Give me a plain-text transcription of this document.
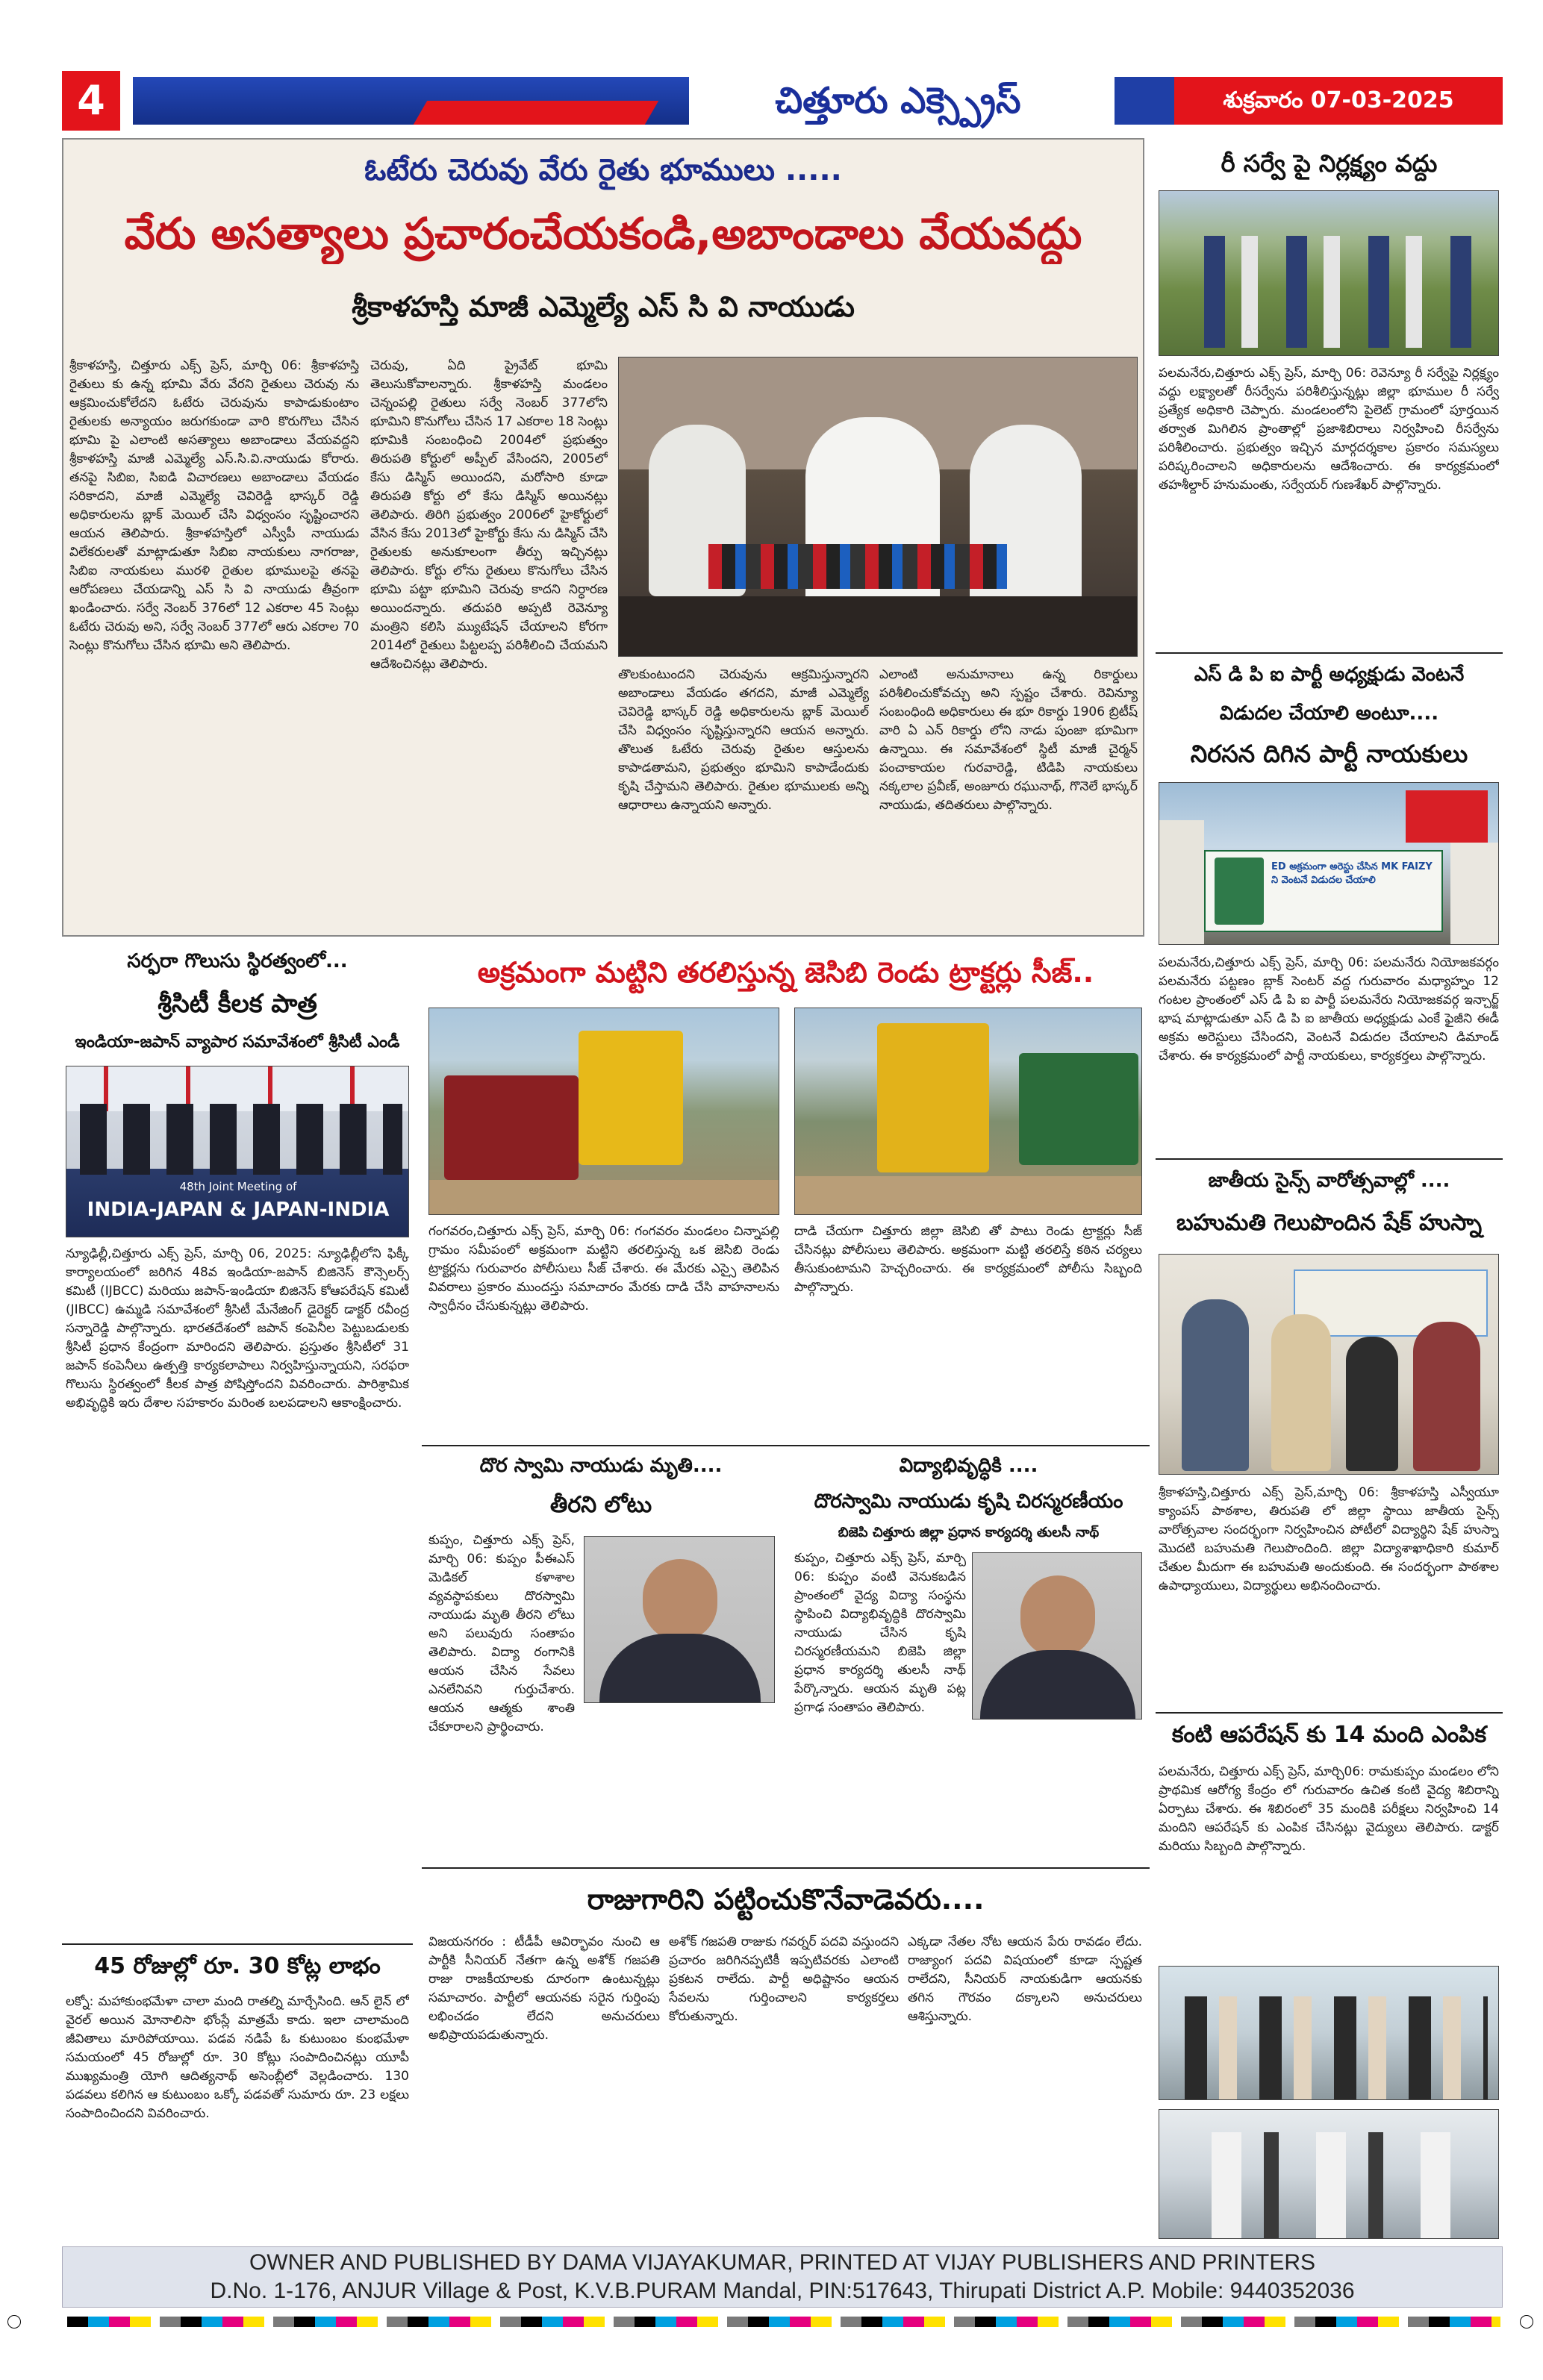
4	చిత్తూరు ఎక్స్ప్రెస్	శుక్రవారం 07-03-2025
ఓటేరు చెరువు వేరు రైతు భూములు .....
వేరు అసత్యాలు ప్రచారంచేయకండి,అబాండాలు వేయవద్దు
శ్రీకాళహస్తి మాజీ ఎమ్మెల్యే ఎస్ సి వి నాయుడు
శ్రీకాళహస్తి, చిత్తూరు ఎక్స్ ప్రెస్, మార్చి 06: శ్రీకాళహస్తి రైతులు కు ఉన్న భూమి వేరు వేరని రైతులు చెరువు ను ఆక్రమించుకోలేదని ఓటేరు చెరువును కాపాడుకుంటాం రైతులకు అన్యాయం జరుగకుండా వారి కొరుగొలు చేసిన భూమి పై ఎలాంటి అసత్యాలు అబాండాలు వేయవద్దని శ్రీకాళహస్తి మాజీ ఎమ్మెల్యే ఎస్.సి.వి.నాయుడు కోరారు. తనపై సిబిఐ, సిఐడి విచారణలు అబాండాలు వేయడం సరికాదని, మాజీ ఎమ్మెల్యే చెవిరెడ్డి భాస్కర్ రెడ్డి అధికారులను బ్లాక్ మెయిల్ చేసి విధ్వంసం సృష్టించారని ఆయన తెలిపారు. శ్రీకాళహస్తిలో ఎస్వీపీ నాయుడు విలేకరులతో మాట్లాడుతూ సిబిఐ నాయకులు నాగరాజు, సిబిఐ నాయకులు మురళి రైతుల భూములపై తనపై ఆరోపణలు చేయడాన్ని ఎస్ సి వి నాయుడు తీవ్రంగా ఖండించారు. సర్వే నెంబర్ 376లో 12 ఎకరాల 45 సెంట్లు ఓటేరు చెరువు అని, సర్వే నెంబర్ 377లో ఆరు ఎకరాల 70 సెంట్లు కొనుగోలు చేసిన భూమి అని తెలిపారు.
చెరువు, ఏది ప్రైవేట్ భూమి తెలుసుకోవాలన్నారు. శ్రీకాళహస్తి మండలం చెన్నంపల్లి రైతులు సర్వే నెంబర్ 377లోని భూమిని కొనుగోలు చేసిన 17 ఎకరాల 18 సెంట్లు భూమికి సంబంధించి 2004లో ప్రభుత్వం తిరుపతి కోర్టులో అప్పీల్ వేసిందని, 2005లో కేసు డిస్మిస్ అయిందని, మరోసారి కూడా తిరుపతి కోర్టు లో కేసు డిస్మిస్ అయినట్లు తెలిపారు. తిరిగి ప్రభుత్వం 2006లో హైకోర్టులో వేసిన కేసు 2013లో హైకోర్టు కేసు ను డిస్మిస్ చేసి రైతులకు అనుకూలంగా తీర్పు ఇచ్చినట్లు తెలిపారు. కోర్టు లోను రైతులు కొనుగోలు చేసిన భూమి పట్టా భూమిని చెరువు కాదని నిర్ధారణ అయిందన్నారు. తదుపరి అప్పటి రెవెన్యూ మంత్రిని కలిసి మ్యుటేషన్ చేయాలని కోరగా 2014లో రైతులు పిట్టలప్ప పరిశీలించి చేయమని ఆదేశించినట్లు తెలిపారు.
తొలకుంటుందని చెరువును ఆక్రమిస్తున్నారని అబాండాలు వేయడం తగదని, మాజీ ఎమ్మెల్యే చెవిరెడ్డి భాస్కర్ రెడ్డి అధికారులను బ్లాక్ మెయిల్ చేసి విధ్వంసం సృష్టిస్తున్నారని ఆయన అన్నారు. తొలుత ఓటేరు చెరువు రైతుల ఆస్తులను కాపాడతామని, ప్రభుత్వం భూమిని కాపాడేందుకు కృషి చేస్తామని తెలిపారు. రైతుల భూములకు అన్ని ఆధారాలు ఉన్నాయని అన్నారు.
ఎలాంటి అనుమానాలు ఉన్న రికార్డులు పరిశీలించుకోవచ్చు అని స్పష్టం చేశారు. రెవిన్యూ సంబంధింది అధికారులు ఈ భూ రికార్డు 1906 బ్రిటీష్ వారి ఏ ఎన్ రికార్డు లోని నాడు పుంజా భూమిగా ఉన్నాయి. ఈ సమావేశంలో స్థిటీ మాజీ చైర్మన్ పంచాకాయల గురవారెడ్డి, టిడిపి నాయకులు నక్కలాల ప్రవీణ్, అంజూరు రఘునాథ్, గొనెలే భాస్కర్ నాయుడు, తదితరులు పాల్గొన్నారు.
రీ సర్వే పై నిర్లక్ష్యం వద్దు
పలమనేరు,చిత్తూరు ఎక్స్ ప్రెస్, మార్చి 06: రెవెన్యూ రీ సర్వేపై నిర్లక్ష్యం వద్దు లక్ష్యాలతో రీసర్వేను పరిశీలిస్తున్నట్లు జిల్లా భూముల రీ సర్వే ప్రత్యేక అధికారి చెప్పారు. మండలంలోని పైలెట్ గ్రామంలో పూర్తయిన తర్వాత మిగిలిన ప్రాంతాల్లో ప్రజాశిబిరాలు నిర్వహించి రీసర్వేను పరిశీలించారు. ప్రభుత్వం ఇచ్చిన మార్గదర్శకాల ప్రకారం సమస్యలు పరిష్కరించాలని అధికారులను ఆదేశించారు. ఈ కార్యక్రమంలో తహశీల్దార్ హనుమంతు, సర్వేయర్ గుణశేఖర్ పాల్గొన్నారు.
ఎస్ డి పి ఐ పార్టీ అధ్యక్షుడు వెంటనే
విడుదల చేయాలి అంటూ....
నిరసన దిగిన పార్టీ నాయకులు
ED అక్రమంగా అరెస్టు చేసిన MK FAIZY ని వెంటనే విడుదల చేయాలి
పలమనేరు,చిత్తూరు ఎక్స్ ప్రెస్, మార్చి 06: పలమనేరు నియోజకవర్గం పలమనేరు పట్టణం బ్లాక్ సెంటర్ వద్ద గురువారం మధ్యాహ్నం 12 గంటల ప్రాంతంలో ఎస్ డి పి ఐ పార్టీ పలమనేరు నియోజకవర్గ ఇన్చార్జ్ భాష మాట్లాడుతూ ఎస్ డి పి ఐ జాతీయ అధ్యక్షుడు ఎంకే ఫైజీని ఈడీ అక్రమ అరెస్టులు చేసిందని, వెంటనే విడుదల చేయాలని డిమాండ్ చేశారు. ఈ కార్యక్రమంలో పార్టీ నాయకులు, కార్యకర్తలు పాల్గొన్నారు.
జాతీయ సైన్స్ వారోత్సవాల్లో ....
బహుమతి గెలుపొందిన షేక్ హుస్నా
శ్రీకాళహస్తి,చిత్తూరు ఎక్స్ ప్రెస్,మార్చి 06: శ్రీకాళహస్తి ఎస్వీయూ క్యాంపస్ పాఠశాల, తిరుపతి లో జిల్లా స్థాయి జాతీయ సైన్స్ వారోత్సవాల సందర్భంగా నిర్వహించిన పోటీలో విద్యార్థిని షేక్ హుస్నా మొదటి బహుమతి గెలుపొందింది. జిల్లా విద్యాశాఖాధికారి కుమార్ చేతుల మీదుగా ఈ బహుమతి అందుకుంది. ఈ సందర్భంగా పాఠశాల ఉపాధ్యాయులు, విద్యార్థులు అభినందించారు.
కంటి ఆపరేషన్ కు 14 మంది ఎంపిక
పలమనేరు, చిత్తూరు ఎక్స్ ప్రెస్, మార్చి06: రామకుప్పం మండలం లోని ప్రాథమిక ఆరోగ్య కేంద్రం లో గురువారం ఉచిత కంటి వైద్య శిబిరాన్ని ఏర్పాటు చేశారు. ఈ శిబిరంలో 35 మందికి పరీక్షలు నిర్వహించి 14 మందిని ఆపరేషన్ కు ఎంపిక చేసినట్లు వైద్యులు తెలిపారు. డాక్టర్ మరియు సిబ్బంది పాల్గొన్నారు.
సర్ఫరా గొలుసు స్థిరత్వంలో...
శ్రీసిటీ కీలక పాత్ర
ఇండియా-జపాన్ వ్యాపార సమావేశంలో శ్రీసిటీ ఎండీ
48th Joint Meeting of
INDIA-JAPAN & JAPAN-INDIA
న్యూఢిల్లీ,చిత్తూరు ఎక్స్ ప్రెస్, మార్చి 06, 2025: న్యూఢిల్లీలోని ఫిక్కీ కార్యాలయంలో జరిగిన 48వ ఇండియా-జపాన్ బిజినెస్ కౌన్సెలర్స్ కమిటీ (IJBCC) మరియు జపాన్-ఇండియా బిజినెస్ కోఆపరేషన్ కమిటీ (JIBCC) ఉమ్మడి సమావేశంలో శ్రీసిటీ మేనేజింగ్ డైరెక్టర్ డాక్టర్ రవీంద్ర సన్నారెడ్డి పాల్గొన్నారు. భారతదేశంలో జపాన్ కంపెనీల పెట్టుబడులకు శ్రీసిటీ ప్రధాన కేంద్రంగా మారిందని తెలిపారు. ప్రస్తుతం శ్రీసిటీలో 31 జపాన్ కంపెనీలు ఉత్పత్తి కార్యకలాపాలు నిర్వహిస్తున్నాయని, సరఫరా గొలుసు స్థిరత్వంలో కీలక పాత్ర పోషిస్తోందని వివరించారు. పారిశ్రామిక అభివృద్ధికి ఇరు దేశాల సహకారం మరింత బలపడాలని ఆకాంక్షించారు.
45 రోజుల్లో రూ. 30 కోట్ల లాభం
లక్నో: మహాకుంభమేళా చాలా మంది రాతల్ని మార్చేసింది. ఆన్ లైన్ లో వైరల్ అయిన మోనాలిసా భోంస్లే మాత్రమే కాదు. ఇలా చాలామంది జీవితాలు మారిపోయాయి. పడవ నడిపే ఓ కుటుంబం కుంభమేళా సమయంలో 45 రోజుల్లో రూ. 30 కోట్లు సంపాదించినట్లు యూపీ ముఖ్యమంత్రి యోగి ఆదిత్యనాథ్ అసెంబ్లీలో వెల్లడించారు. 130 పడవలు కలిగిన ఆ కుటుంబం ఒక్కో పడవతో సుమారు రూ. 23 లక్షలు సంపాదించిందని వివరించారు.
అక్రమంగా మట్టిని తరలిస్తున్న జెసిబి రెండు ట్రాక్టర్లు సీజ్..
గంగవరం,చిత్తూరు ఎక్స్ ప్రెస్, మార్చి 06: గంగవరం మండలం చిన్నాపల్లి గ్రామం సమీపంలో అక్రమంగా మట్టిని తరలిస్తున్న ఒక జెసిబి రెండు ట్రాక్టర్లను గురువారం పోలీసులు సీజ్ చేశారు. ఈ మేరకు ఎస్సై తెలిపిన వివరాలు ప్రకారం ముందస్తు సమాచారం మేరకు దాడి చేసి వాహనాలను స్వాధీనం చేసుకున్నట్లు తెలిపారు.
దాడి చేయగా చిత్తూరు జిల్లా జెసిబి తో పాటు రెండు ట్రాక్టర్లు సీజ్ చేసినట్లు పోలీసులు తెలిపారు. అక్రమంగా మట్టి తరలిస్తే కఠిన చర్యలు తీసుకుంటామని హెచ్చరించారు. ఈ కార్యక్రమంలో పోలీసు సిబ్బంది పాల్గొన్నారు.
దొర స్వామి నాయుడు మృతి....
తీరని లోటు
కుప్పం, చిత్తూరు ఎక్స్ ప్రెస్, మార్చి 06: కుప్పం పీఈఎస్ మెడికల్ కళాశాల వ్యవస్థాపకులు దొరస్వామి నాయుడు మృతి తీరని లోటు అని పలువురు సంతాపం తెలిపారు. విద్యా రంగానికి ఆయన చేసిన సేవలు ఎనలేనివని గుర్తుచేశారు. ఆయన ఆత్మకు శాంతి చేకూరాలని ప్రార్థించారు.
విద్యాభివృద్ధికి ....
దొరస్వామి నాయుడు కృషి చిరస్మరణీయం
బిజెపి చిత్తూరు జిల్లా ప్రధాన కార్యదర్శి తులసీ నాథ్
కుప్పం, చిత్తూరు ఎక్స్ ప్రెస్, మార్చి 06: కుప్పం వంటి వెనుకబడిన ప్రాంతంలో వైద్య విద్యా సంస్థను స్థాపించి విద్యాభివృద్ధికి దొరస్వామి నాయుడు చేసిన కృషి చిరస్మరణీయమని బిజెపి జిల్లా ప్రధాన కార్యదర్శి తులసీ నాథ్ పేర్కొన్నారు. ఆయన మృతి పట్ల ప్రగాఢ సంతాపం తెలిపారు.
రాజుగారిని పట్టించుకొనేవాడెవరు....
విజయనగరం : టీడీపీ ఆవిర్భావం నుంచి ఆ పార్టీకి సీనియర్ నేతగా ఉన్న అశోక్ గజపతి రాజు రాజకీయాలకు దూరంగా ఉంటున్నట్లు సమాచారం. పార్టీలో ఆయనకు సరైన గుర్తింపు లభించడం లేదని అనుచరులు అభిప్రాయపడుతున్నారు.
అశోక్ గజపతి రాజుకు గవర్నర్ పదవి వస్తుందని ప్రచారం జరిగినప్పటికీ ఇప్పటివరకు ఎలాంటి ప్రకటన రాలేదు. పార్టీ అధిష్టానం ఆయన సేవలను గుర్తించాలని కార్యకర్తలు కోరుతున్నారు.
ఎక్కడా నేతల నోట ఆయన పేరు రావడం లేదు. రాజ్యాంగ పదవి విషయంలో కూడా స్పష్టత రాలేదని, సీనియర్ నాయకుడిగా ఆయనకు తగిన గౌరవం దక్కాలని అనుచరులు ఆశిస్తున్నారు.
OWNER AND PUBLISHED BY DAMA VIJAYAKUMAR, PRINTED AT VIJAY PUBLISHERS AND PRINTERS
D.No. 1-176, ANJUR Village & Post, K.V.B.PURAM Mandal, PIN:517643, Thirupati District A.P. Mobile: 9440352036
